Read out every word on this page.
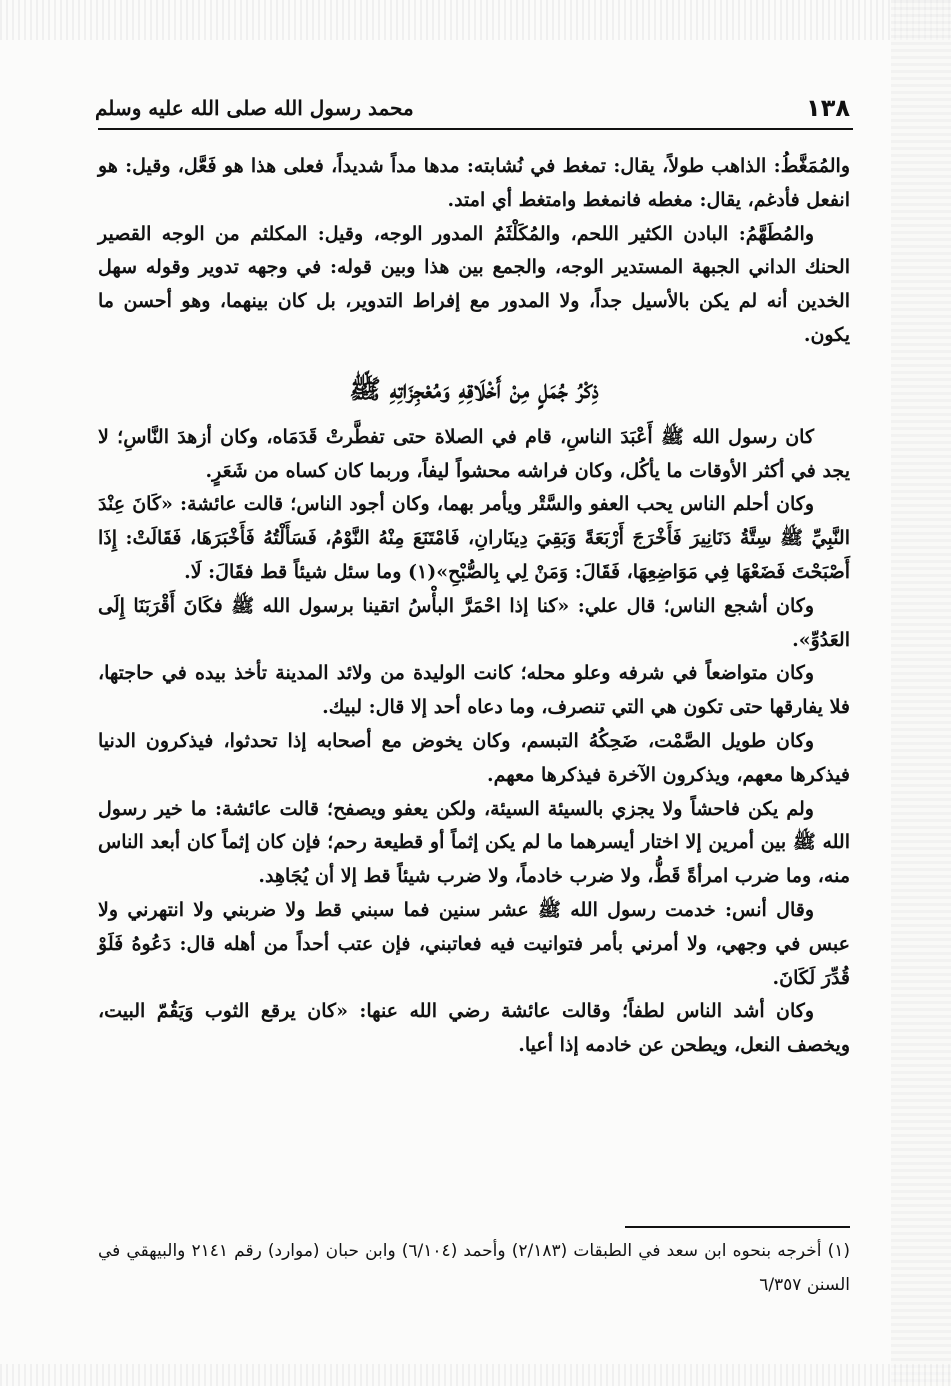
١٣٨
محمد رسول الله صلى الله عليه وسلم

والمُمَغَّطُ: الذاهب طولاً، يقال: تمغط في نُشابته: مدها مداً شديداً، فعلى هذا هو فَعَّل، وقيل: هو انفعل فأدغم، يقال: مغطه فانمغط وامتغط أي امتد.

والمُطَهَّمُ: البادن الكثير اللحم، والمُكَلْثَمُ المدور الوجه، وقيل: المكلثم من الوجه القصير الحنك الداني الجبهة المستدير الوجه، والجمع بين هذا وبين قوله: في وجهه تدوير وقوله سهل الخدين أنه لم يكن بالأسيل جداً، ولا المدور مع إفراط التدوير، بل كان بينهما، وهو أحسن ما يكون.

ذِكْرُ جُمَلٍ مِنْ أَخْلَاقِهِ وَمُعْجِزَاتِهِ ﷺ

كان رسول الله ﷺ أَعْبَدَ الناسِ، قام في الصلاة حتى تفطَّرتْ قَدَمَاه، وكان أزهدَ النَّاسِ؛ لا يجد في أكثر الأوقات ما يأكُل، وكان فراشه محشواً ليفاً، وربما كان كساه من شَعَرٍ.

وكان أحلم الناس يحب العفو والسَّتْر ويأمر بهما، وكان أجود الناس؛ قالت عائشة: «كَانَ عِنْدَ النَّبِيِّ ﷺ سِتَّةُ دَنَانِيرَ فَأَخْرَجَ أَرْبَعَةً وَبَقِيَ دِينَارانِ، فَامْتَنَعَ مِنْهُ النَّوْمُ، فَسَأَلْتُهُ فَأَخْبَرَهَا، فَقَالَتْ: إِذَا أَصْبَحْتَ فَضَعْهَا فِي مَوَاضِعِهَا، فَقَالَ: وَمَنْ لِي بِالصُّبْحِ»(١) وما سئل شيئاً قط فقَالَ: لَا.

وكان أشجع الناس؛ قال علي: «كنا إذا احْمَرَّ البأْسُ اتقينا برسول الله ﷺ فكَانَ أَقْرَبَنَا إِلَى العَدُوِّ».

وكان متواضعاً في شرفه وعلو محله؛ كانت الوليدة من ولائد المدينة تأخذ بيده في حاجتها، فلا يفارقها حتى تكون هي التي تنصرف، وما دعاه أحد إلا قال: لبيك.

وكان طويل الصَّمْت، ضَحِكُهُ التبسم، وكان يخوض مع أصحابه إذا تحدثوا، فيذكرون الدنيا فيذكرها معهم، ويذكرون الآخرة فيذكرها معهم.

ولم يكن فاحشاً ولا يجزي بالسيئة السيئة، ولكن يعفو ويصفح؛ قالت عائشة: ما خير رسول الله ﷺ بين أمرين إلا اختار أيسرهما ما لم يكن إثماً أو قطيعة رحم؛ فإن كان إثماً كان أبعد الناس منه، وما ضرب امرأةً قَطُّ، ولا ضرب خادماً، ولا ضرب شيئاً قط إلا أن يُجَاهِد.

وقال أنس: خدمت رسول الله ﷺ عشر سنين فما سبني قط ولا ضربني ولا انتهرني ولا عبس في وجهي، ولا أمرني بأمر فتوانيت فيه فعاتبني، فإن عتب أحداً من أهله قال: دَعُوهُ فَلَوْ قُدِّرَ لَكَانَ.

وكان أشد الناس لطفاً؛ وقالت عائشة رضي الله عنها: «كان يرقع الثوب وَيَقُمّ البيت، ويخصف النعل، ويطحن عن خادمه إذا أعيا.

(١) أخرجه بنحوه ابن سعد في الطبقات (٢/١٨٣) وأحمد (٦/١٠٤) وابن حبان (موارد) رقم ٢١٤١ والبيهقي في السنن ٦/٣٥٧
